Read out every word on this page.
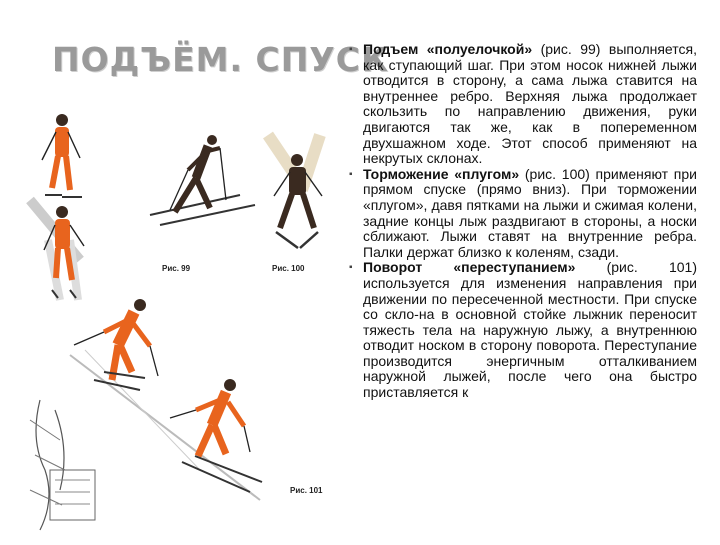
ПОДЪЁМ. СПУСК
Рис. 99	Рис. 100
Рис. 101

▪ Подъем «полуелочкой» (рис. 99) выполняется, как ступающий шаг. При этом носок нижней лыжи отводится в сторону, а сама лыжа ставится на внутреннее ребро. Верхняя лыжа продолжает скользить по направлению движения, руки двигаются так же, как в попеременном двухшажном ходе. Этот способ применяют на некрутых склонах.

▪ Торможение «плугом» (рис. 100) применяют при прямом спуске (прямо вниз). При торможении «плугом», давя пятками на лыжи и сжимая колени, задние концы лыж раздвигают в стороны, а носки сближают. Лыжи ставят на внутренние ребра. Палки держат близко к коленям, сзади.

▪ Поворот «переступанием» (рис. 101) используется для изменения направления при движении по пересеченной местности. При спуске со скло-на в основной стойке лыжник переносит тяжесть тела на наружную лыжу, а внутреннюю отводит носком в сторону поворота. Переступание производится энергичным отталкиванием наружной лыжей, после чего она быстро приставляется к
